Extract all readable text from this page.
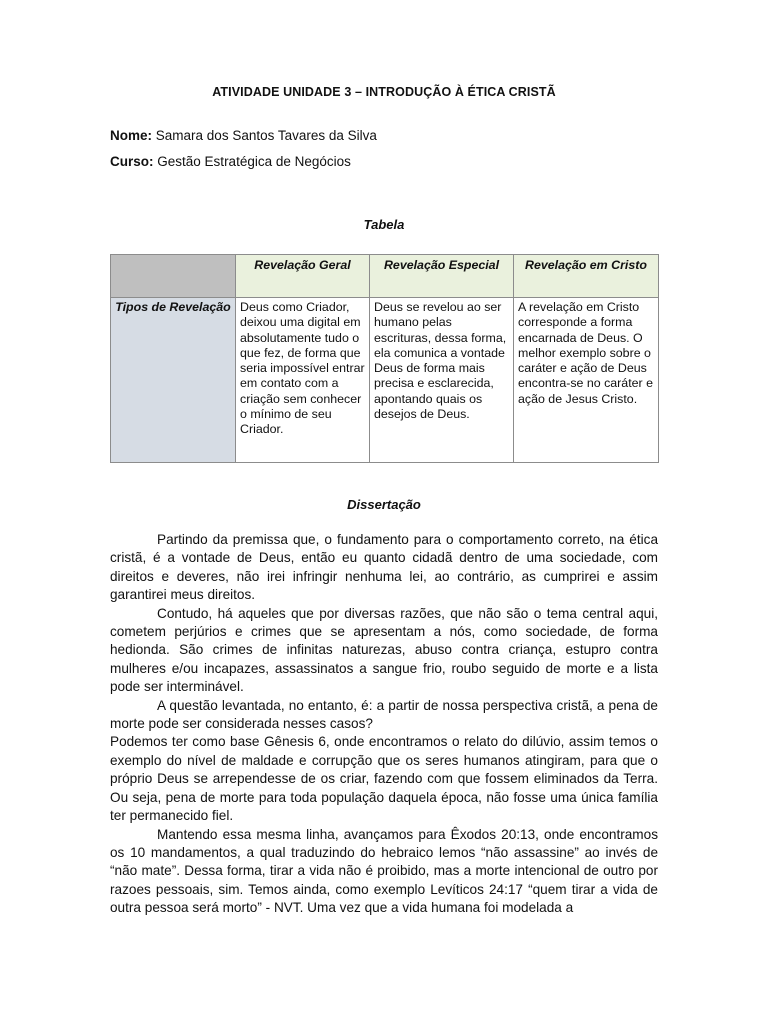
ATIVIDADE UNIDADE 3 – INTRODUÇÃO À ÉTICA CRISTÃ
Nome: Samara dos Santos Tavares da Silva
Curso: Gestão Estratégica de Negócios
Tabela
	Revelação Geral	Revelação Especial	Revelação em Cristo
Tipos de Revelação	Deus como Criador, deixou uma digital em absolutamente tudo o que fez, de forma que seria impossível entrar em contato com a criação sem conhecer o mínimo de seu Criador.	Deus se revelou ao ser humano pelas escrituras, dessa forma, ela comunica a vontade Deus de forma mais precisa e esclarecida, apontando quais os desejos de Deus.	A revelação em Cristo corresponde a forma encarnada de Deus. O melhor exemplo sobre o caráter e ação de Deus encontra-se no caráter e ação de Jesus Cristo.
Dissertação

Partindo da premissa que, o fundamento para o comportamento correto, na ética cristã, é a vontade de Deus, então eu quanto cidadã dentro de uma sociedade, com direitos e deveres, não irei infringir nenhuma lei, ao contrário, as cumprirei e assim garantirei meus direitos.

Contudo, há aqueles que por diversas razões, que não são o tema central aqui, cometem perjúrios e crimes que se apresentam a nós, como sociedade, de forma hedionda. São crimes de infinitas naturezas, abuso contra criança, estupro contra mulheres e/ou incapazes, assassinatos a sangue frio, roubo seguido de morte e a lista pode ser interminável.

A questão levantada, no entanto, é: a partir de nossa perspectiva cristã, a pena de morte pode ser considerada nesses casos?

Podemos ter como base Gênesis 6, onde encontramos o relato do dilúvio, assim temos o exemplo do nível de maldade e corrupção que os seres humanos atingiram, para que o próprio Deus se arrependesse de os criar, fazendo com que fossem eliminados da Terra. Ou seja, pena de morte para toda população daquela época, não fosse uma única família ter permanecido fiel.

Mantendo essa mesma linha, avançamos para Êxodos 20:13, onde encontramos os 10 mandamentos, a qual traduzindo do hebraico lemos “não assassine” ao invés de “não mate”. Dessa forma, tirar a vida não é proibido, mas a morte intencional de outro por razoes pessoais, sim. Temos ainda, como exemplo Levíticos 24:17 “quem tirar a vida de outra pessoa será morto” - NVT. Uma vez que a vida humana foi modelada a
